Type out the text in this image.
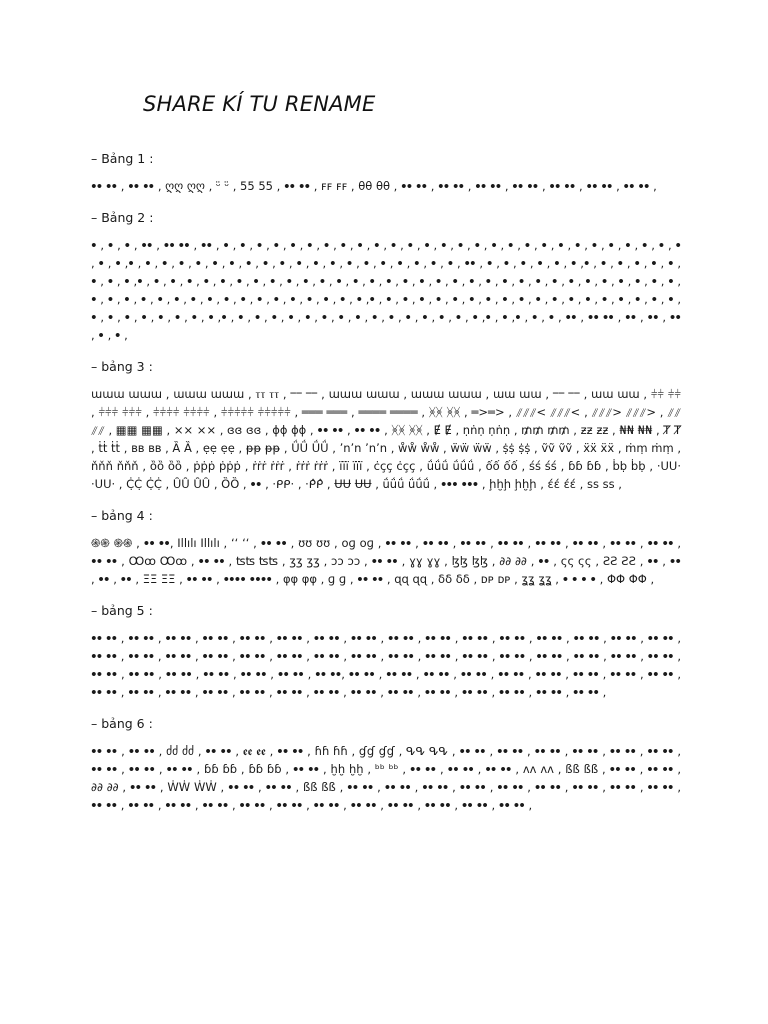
SHARE KÍ TU RENAME

– Bảng 1 :

ꔷꔷ ꔷꔷ , ꔷꔷ ꔷꔷ , ღღ ღღ , ᵕ̈ ᵕ̈ , 55 55 , ꔷꔷ ꔷꔷ , ꜰꜰ ꜰꜰ , θθ θθ , ꔷꔷ ꔷꔷ , ꔷꔷ ꔷꔷ , ꔷꔷ ꔷꔷ , ꔷꔷ ꔷꔷ , ꔷꔷ ꔷꔷ , ꔷꔷ ꔷꔷ , ꔷꔷ ꔷꔷ ,

– Bảng 2 :

ꔷ , ꔷ , ꔷ , ꔷꔷ , ꔷꔷ ꔷꔷ , ꔷꔷ , ꔷ , ꔷ , ꔷ , ꔷ , ꔷ , ꔷ , ꔷ , ꔷ , ꔷ , ꔷ , ꔷ , ꔷ , ꔷ , ꔷ , ꔷ , ꔷ , ꔷ , ꔷ , ꔷ , ꔷ , ꔷ , ꔷ , ꔷ , ꔷ , ꔷ , ꔷ , ꔷ , ꔷ , ꔷ , ꔷ ,ꔷ , ꔷ , ꔷ , ꔷ , ꔷ , ꔷ , ꔷ , ꔷ , ꔷ , ꔷ , ꔷ , ꔷ , ꔷ , ꔷ , ꔷ , ꔷ , ꔷ , ꔷ , ꔷ , ꔷ , ꔷꔷ , ꔷ , ꔷ , ꔷ , ꔷ , ꔷ , ꔷ ,ꔷ , ꔷ , ꔷ , ꔷ , ꔷ , ꔷ , ꔷ , ꔷ , ꔷ ,ꔷ , ꔷ , ꔷ , ꔷ , ꔷ , ꔷ , ꔷ , ꔷ , ꔷ , ꔷ , ꔷ , ꔷ , ꔷ , ꔷ , ꔷ , ꔷ , ꔷ , ꔷ , ꔷ , ꔷ , ꔷ , ꔷ , ꔷ , ꔷ , ꔷ , ꔷ , ꔷ , ꔷ , ꔷ , ꔷ , ꔷ , ꔷ , ꔷ , ꔷ , ꔷ , ꔷ , ꔷ , ꔷ , ꔷ , ꔷ , ꔷ , ꔷ , ꔷ , ꔷ , ꔷ , ꔷ , ꔷ , ꔷ , ꔷ , ꔷ ,ꔷ , ꔷ , ꔷ , ꔷ , ꔷ , ꔷ , ꔷ , ꔷ , ꔷ , ꔷ , ꔷ , ꔷ , ꔷ , ꔷ , ꔷ , ꔷ , ꔷ , ꔷ , ꔷ , ꔷ , ꔷ , ꔷ , ꔷ , ꔷ , ꔷ , ꔷ , ꔷ ,ꔷ , ꔷ , ꔷ , ꔷ , ꔷ , ꔷ , ꔷ , ꔷ , ꔷ , ꔷ , ꔷ , ꔷ , ꔷ , ꔷ , ꔷ , ꔷ ,ꔷ , ꔷ ,ꔷ , ꔷ , ꔷ , ꔷꔷ , ꔷꔷ ꔷꔷ , ꔷꔷ , ꔷꔷ , ꔷꔷ , ꔷ , ꔷ ,

– bảng 3 :

ɯɯɯ ɯɯɯ , ɯɯɯ ɯɯɯ , ⲧⲧ ⲧⲧ , ⲻⲻ ⲻⲻ , ɯɯɯ ɯɯɯ , ɯɯɯ ɯɯɯ , ɯɯ ɯɯ , ⲻⲻ ⲻⲻ , ɯɯ ɯɯ , ⫩⫩ ⫩⫩ , ⫩⫩⫩ ⫩⫩⫩ , ⫩⫩⫩⫩ ⫩⫩⫩⫩ , ⫩⫩⫩⫩⫩ ⫩⫩⫩⫩⫩ , ═══ ═══ , ════ ════ , ᚸᚸ ᚸᚸ , ═>═> , ⫽⫽⫽< ⫽⫽⫽< , ⫽⫽⫽> ⫽⫽⫽> , ⫽⫽ ⫽⫽ , ▦▦ ▦▦ , ⨯⨯ ⨯⨯ , ɞɞ ɞɞ , ɸɸ ɸɸ , ꔷꔷ ꔷꔷ , ꔷꔷ ꔷꔷ , ᚸᚸ ᚸᚸ , Ɇ Ɇ , ṇṅṇ ṇṅṇ , ₥₥ ₥₥ , ƶƶ ƶƶ , ₦₦ ₦₦ , Ⱦ Ⱦ , ṫṫ ṫṫ , ʙʙ ʙʙ , Ȁ Ȁ , ẹẹ ẹẹ , ᵽᵽ ᵽᵽ , ǗǗ ǗǗ , ʼnʼn ʼnʼn , ẘẘ ẘẘ , ẅẅ ẅẅ , ṩṩ ṩṩ , ṽṽ ṽṽ , ẍẍ ẍẍ , ṁṃ ṁṃ , ňňň ňňň , ȍȍ ȍȍ , ṗṗṗ ṗṗṗ , ṙṙṙ ṙṙṙ , ṙṙṙ ṙṙṙ , ïïï ïïï , ċçç ċçç , ǘǘǘ ǘǘǘ , ốố ốố , śś śś , ɓɓ ɓɓ , ḃḅ ḃḅ , ·ꓴꓴ· ·ꓴꓴ· , Ċ̣Ċ̣ Ċ̣Ċ̣ , ȖȖ ȖȖ , ȌȌ , ꔷꔷ , ·ᑭᑭ· , ·ᑭ̂ᑭ̂ , ɄɄ ɄɄ , ǘǘǘ ǘǘǘ , ꔷꔷꔷ ꔷꔷꔷ , ḩḫḩ ḩḫḩ , ɛ́ɛ́ ɛ́ɛ́ , ꜱꜱ ꜱꜱ ,

– bảng 4 :

֍֍ ֍֍ , ꔷꔷ ꔷꔷ, Illılı Illılı , ‘‘ ‘‘ , ꔷꔷ ꔷꔷ , ʊʊ ʊʊ , ᴏɡ ᴏɡ , ꔷꔷ ꔷꔷ , ꔷꔷ ꔷꔷ , ꔷꔷ ꔷꔷ , ꔷꔷ ꔷꔷ , ꔷꔷ ꔷꔷ , ꔷꔷ ꔷꔷ , ꔷꔷ ꔷꔷ , ꔷꔷ ꔷꔷ , ꔷꔷ ꔷꔷ , Ꝏꝏ Ꝏꝏ , ꔷꔷ ꔷꔷ , ʦʦ ʦʦ , ʒʒ ʒʒ , ɔɔ ɔɔ , ꔷꔷ ꔷꔷ , ɣɣ ɣɣ , ɮɮ ɮɮ , ∂∂ ∂∂ , ꔷꔷ , ςς ςς , ƧƧ ƧƧ , ꔷꔷ , ꔷꔷ , ꔷꔷ , ꔷꔷ , ΞΞ ΞΞ , ꔷꔷ ꔷꔷ , ꔷꔷꔷꔷ ꔷꔷꔷꔷ , φφ φφ , ɡ ɡ , ꔷꔷ ꔷꔷ , ɋɋ ɋɋ , δδ δδ , ᴅᴘ ᴅᴘ , ʓʓ ʓʓ , ꔷ ꔷ ꔷ ꔷ , ΦΦ ΦΦ ,

– bảng 5 :

ꔷꔷ ꔷꔷ , ꔷꔷ ꔷꔷ , ꔷꔷ ꔷꔷ , ꔷꔷ ꔷꔷ , ꔷꔷ ꔷꔷ , ꔷꔷ ꔷꔷ , ꔷꔷ ꔷꔷ , ꔷꔷ ꔷꔷ , ꔷꔷ ꔷꔷ , ꔷꔷ ꔷꔷ , ꔷꔷ ꔷꔷ , ꔷꔷ ꔷꔷ , ꔷꔷ ꔷꔷ , ꔷꔷ ꔷꔷ , ꔷꔷ ꔷꔷ , ꔷꔷ ꔷꔷ , ꔷꔷ ꔷꔷ , ꔷꔷ ꔷꔷ , ꔷꔷ ꔷꔷ , ꔷꔷ ꔷꔷ , ꔷꔷ ꔷꔷ , ꔷꔷ ꔷꔷ , ꔷꔷ ꔷꔷ , ꔷꔷ ꔷꔷ , ꔷꔷ ꔷꔷ , ꔷꔷ ꔷꔷ , ꔷꔷ ꔷꔷ , ꔷꔷ ꔷꔷ , ꔷꔷ ꔷꔷ , ꔷꔷ ꔷꔷ , ꔷꔷ ꔷꔷ , ꔷꔷ ꔷꔷ , ꔷꔷ ꔷꔷ , ꔷꔷ ꔷꔷ , ꔷꔷ ꔷꔷ , ꔷꔷ ꔷꔷ , ꔷꔷ ꔷꔷ , ꔷꔷ ꔷꔷ , ꔷꔷ ꔷꔷ, ꔷꔷ ꔷꔷ , ꔷꔷ ꔷꔷ , ꔷꔷ ꔷꔷ , ꔷꔷ ꔷꔷ , ꔷꔷ ꔷꔷ , ꔷꔷ ꔷꔷ , ꔷꔷ ꔷꔷ , ꔷꔷ ꔷꔷ , ꔷꔷ ꔷꔷ , ꔷꔷ ꔷꔷ , ꔷꔷ ꔷꔷ , ꔷꔷ ꔷꔷ , ꔷꔷ ꔷꔷ , ꔷꔷ ꔷꔷ , ꔷꔷ ꔷꔷ , ꔷꔷ ꔷꔷ , ꔷꔷ ꔷꔷ , ꔷꔷ ꔷꔷ , ꔷꔷ ꔷꔷ , ꔷꔷ ꔷꔷ , ꔷꔷ ꔷꔷ , ꔷꔷ ꔷꔷ , ꔷꔷ ꔷꔷ ,

– bảng 6 :

ꔷꔷ ꔷꔷ , ꔷꔷ ꔷꔷ , ძძ ძძ , ꔷꔷ ꔷꔷ , ꬲꬲ ꬲꬲ , ꔷꔷ ꔷꔷ , ɦɦ ɦɦ , ɠɠ ɠɠ , ᕴᕴ ᕴᕴ , ꔷꔷ ꔷꔷ , ꔷꔷ ꔷꔷ , ꔷꔷ ꔷꔷ , ꔷꔷ ꔷꔷ , ꔷꔷ ꔷꔷ , ꔷꔷ ꔷꔷ , ꔷꔷ ꔷꔷ , ꔷꔷ ꔷꔷ , ꔷꔷ ꔷꔷ , ɓɓ ɓɓ , ɓɓ ɓɓ , ꔷꔷ ꔷꔷ , ḫḫ ḫḫ , ᵇᵇ ᵇᵇ , ꔷꔷ ꔷꔷ , ꔷꔷ ꔷꔷ , ꔷꔷ ꔷꔷ , ᴧᴧ ᴧᴧ , ßß ßß , ꔷꔷ ꔷꔷ , ꔷꔷ ꔷꔷ , ∂∂ ∂∂ , ꔷꔷ ꔷꔷ , ẆẆ ẆẆ , ꔷꔷ ꔷꔷ , ꔷꔷ ꔷꔷ , ßß ßß , ꔷꔷ ꔷꔷ , ꔷꔷ ꔷꔷ , ꔷꔷ ꔷꔷ , ꔷꔷ ꔷꔷ , ꔷꔷ ꔷꔷ , ꔷꔷ ꔷꔷ , ꔷꔷ ꔷꔷ , ꔷꔷ ꔷꔷ , ꔷꔷ ꔷꔷ , ꔷꔷ ꔷꔷ , ꔷꔷ ꔷꔷ , ꔷꔷ ꔷꔷ , ꔷꔷ ꔷꔷ , ꔷꔷ ꔷꔷ , ꔷꔷ ꔷꔷ , ꔷꔷ ꔷꔷ , ꔷꔷ ꔷꔷ , ꔷꔷ ꔷꔷ , ꔷꔷ ꔷꔷ , ꔷꔷ ꔷꔷ , ꔷꔷ ꔷꔷ ,
